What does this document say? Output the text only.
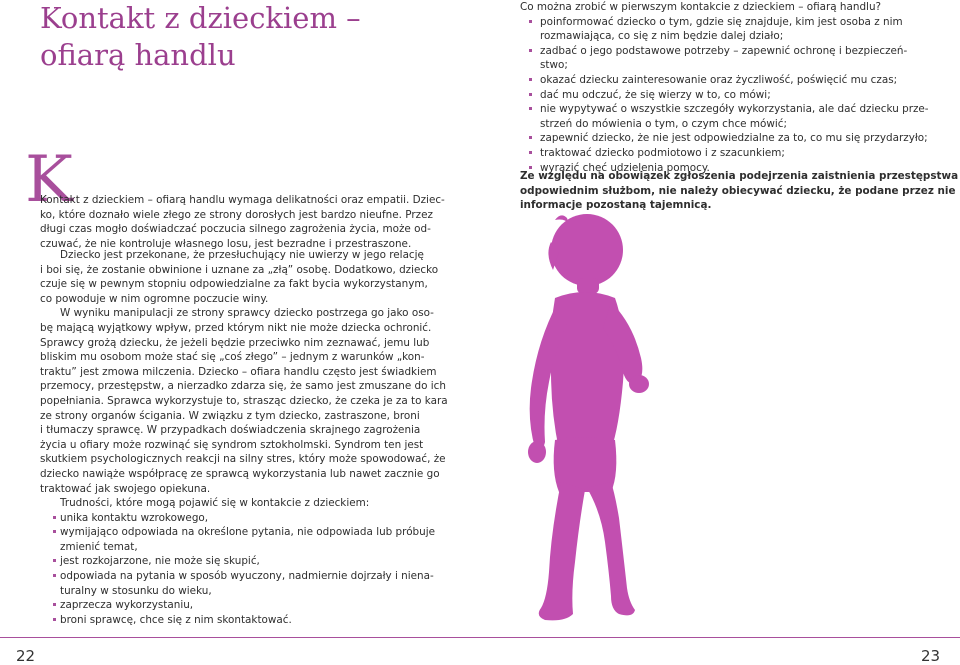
Kontakt z dzieckiem –
ofiarą handlu
K
Kontakt z dzieckiem – ofiarą handlu wymaga delikatności oraz empatii. Dziec-
ko, które doznało wiele złego ze strony dorosłych jest bardzo nieufne. Przez
długi czas mogło doświadczać poczucia silnego zagrożenia życia, może od-
czuwać, że nie kontroluje własnego losu, jest bezradne i przestraszone.
Dziecko jest przekonane, że przesłuchujący nie uwierzy w jego relację
i boi się, że zostanie obwinione i uznane za „złą” osobę. Dodatkowo, dziecko
czuje się w pewnym stopniu odpowiedzialne za fakt bycia wykorzystanym,
co powoduje w nim ogromne poczucie winy.
W wyniku manipulacji ze strony sprawcy dziecko postrzega go jako oso-
bę mającą wyjątkowy wpływ, przed którym nikt nie może dziecka ochronić.
Sprawcy grożą dziecku, że jeżeli będzie przeciwko nim zeznawać, jemu lub
bliskim mu osobom może stać się „coś złego” – jednym z warunków „kon-
traktu” jest zmowa milczenia. Dziecko – ofiara handlu często jest świadkiem
przemocy, przestępstw, a nierzadko zdarza się, że samo jest zmuszane do ich
popełniania. Sprawca wykorzystuje to, strasząc dziecko, że czeka je za to kara
ze strony organów ścigania. W związku z tym dziecko, zastraszone, broni
i tłumaczy sprawcę. W przypadkach doświadczenia skrajnego zagrożenia
życia u ofiary może rozwinąć się syndrom sztokholmski. Syndrom ten jest
skutkiem psychologicznych reakcji na silny stres, który może spowodować, że
dziecko nawiąże współpracę ze sprawcą wykorzystania lub nawet zacznie go
traktować jak swojego opiekuna.
Trudności, które mogą pojawić się w kontakcie z dzieckiem:
unika kontaktu wzrokowego,
wymijająco odpowiada na określone pytania, nie odpowiada lub próbuje
zmienić temat,
jest rozkojarzone, nie może się skupić,
odpowiada na pytania w sposób wyuczony, nadmiernie dojrzały i niena-
turalny w stosunku do wieku,
zaprzecza wykorzystaniu,
broni sprawcę, chce się z nim skontaktować.
Co można zrobić w pierwszym kontakcie z dzieckiem – ofiarą handlu?
poinformować dziecko o tym, gdzie się znajduje, kim jest osoba z nim
rozmawiająca, co się z nim będzie dalej działo;
zadbać o jego podstawowe potrzeby – zapewnić ochronę i bezpieczeń-
stwo;
okazać dziecku zainteresowanie oraz życzliwość, poświęcić mu czas;
dać mu odczuć, że się wierzy w to, co mówi;
nie wypytywać o wszystkie szczegóły wykorzystania, ale dać dziecku prze-
strzeń do mówienia o tym, o czym chce mówić;
zapewnić dziecko, że nie jest odpowiedzialne za to, co mu się przydarzyło;
traktować dziecko podmiotowo i z szacunkiem;
wyrazić chęć udzielenia pomocy.
Ze względu na obowiązek zgłoszenia podejrzenia zaistnienia przestępstwa
odpowiednim służbom, nie należy obiecywać dziecku, że podane przez nie
informacje pozostaną tajemnicą.
22	23
